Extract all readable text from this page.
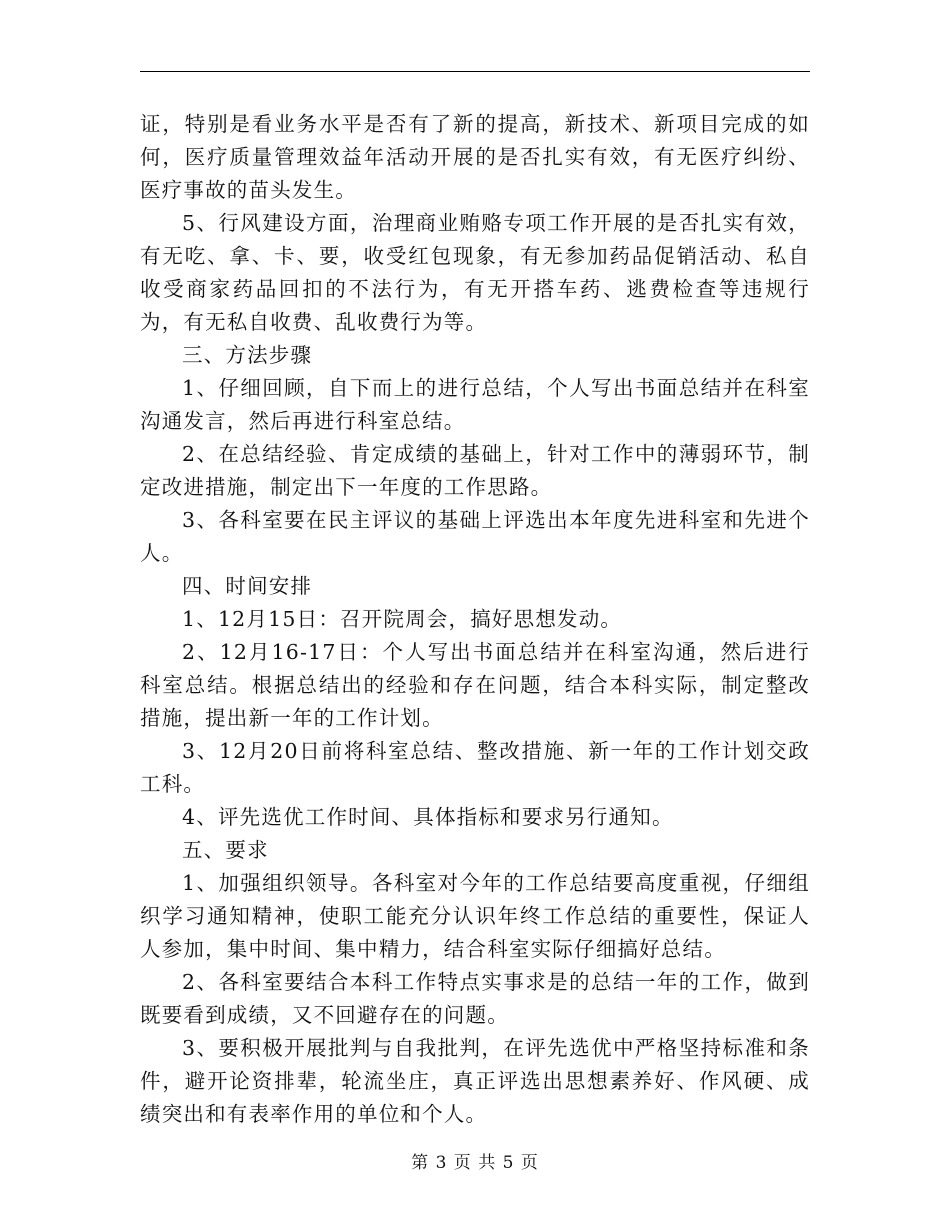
证，特别是看业务水平是否有了新的提高，新技术、新项目完成的如何，医疗质量管理效益年活动开展的是否扎实有效，有无医疗纠纷、医疗事故的苗头发生。

5、行风建设方面，治理商业贿赂专项工作开展的是否扎实有效，有无吃、拿、卡、要，收受红包现象，有无参加药品促销活动、私自收受商家药品回扣的不法行为，有无开搭车药、逃费检查等违规行为，有无私自收费、乱收费行为等。

三、方法步骤

1、仔细回顾，自下而上的进行总结，个人写出书面总结并在科室沟通发言，然后再进行科室总结。

2、在总结经验、肯定成绩的基础上，针对工作中的薄弱环节，制定改进措施，制定出下一年度的工作思路。

3、各科室要在民主评议的基础上评选出本年度先进科室和先进个人。

四、时间安排

1、12月15日：召开院周会，搞好思想发动。

2、12月16-17日：个人写出书面总结并在科室沟通，然后进行科室总结。根据总结出的经验和存在问题，结合本科实际，制定整改措施，提出新一年的工作计划。

3、12月20日前将科室总结、整改措施、新一年的工作计划交政工科。

4、评先选优工作时间、具体指标和要求另行通知。

五、要求

1、加强组织领导。各科室对今年的工作总结要高度重视，仔细组织学习通知精神，使职工能充分认识年终工作总结的重要性，保证人人参加，集中时间、集中精力，结合科室实际仔细搞好总结。

2、各科室要结合本科工作特点实事求是的总结一年的工作，做到既要看到成绩，又不回避存在的问题。

3、要积极开展批判与自我批判，在评先选优中严格坚持标准和条件，避开论资排辈，轮流坐庄，真正评选出思想素养好、作风硬、成绩突出和有表率作用的单位和个人。

第 3 页 共 5 页
